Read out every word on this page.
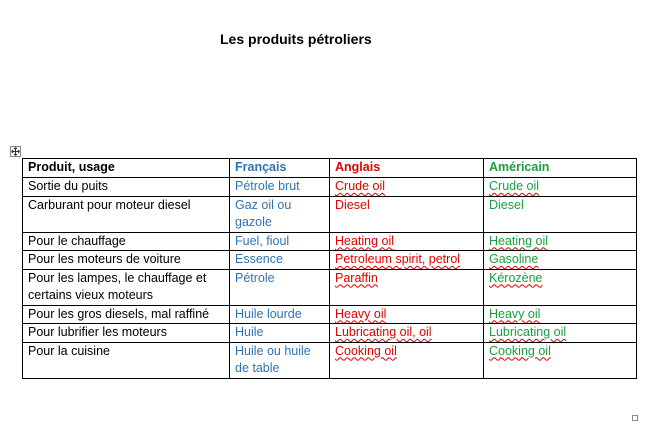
Les produits pétroliers
Produit, usage	Français	Anglais	Américain
Sortie du puits	Pétrole brut	Crude oil	Crude oil
Carburant pour moteur diesel	Gaz oil ou gazole	Diesel	Diesel
Pour le chauffage	Fuel, fioul	Heating oil	Heating oil
Pour les moteurs de voiture	Essence	Petroleum spirit, petrol	Gasoline
Pour les lampes, le chauffage et certains vieux moteurs	Pétrole	Paraffin	Kérozène
Pour les gros diesels, mal raffiné	Huile lourde	Heavy oil	Heavy oil
Pour lubrifier les moteurs	Huile	Lubricating oil, oil	Lubricating oil
Pour la cuisine	Huile ou huile de table	Cooking oil	Cooking oil
